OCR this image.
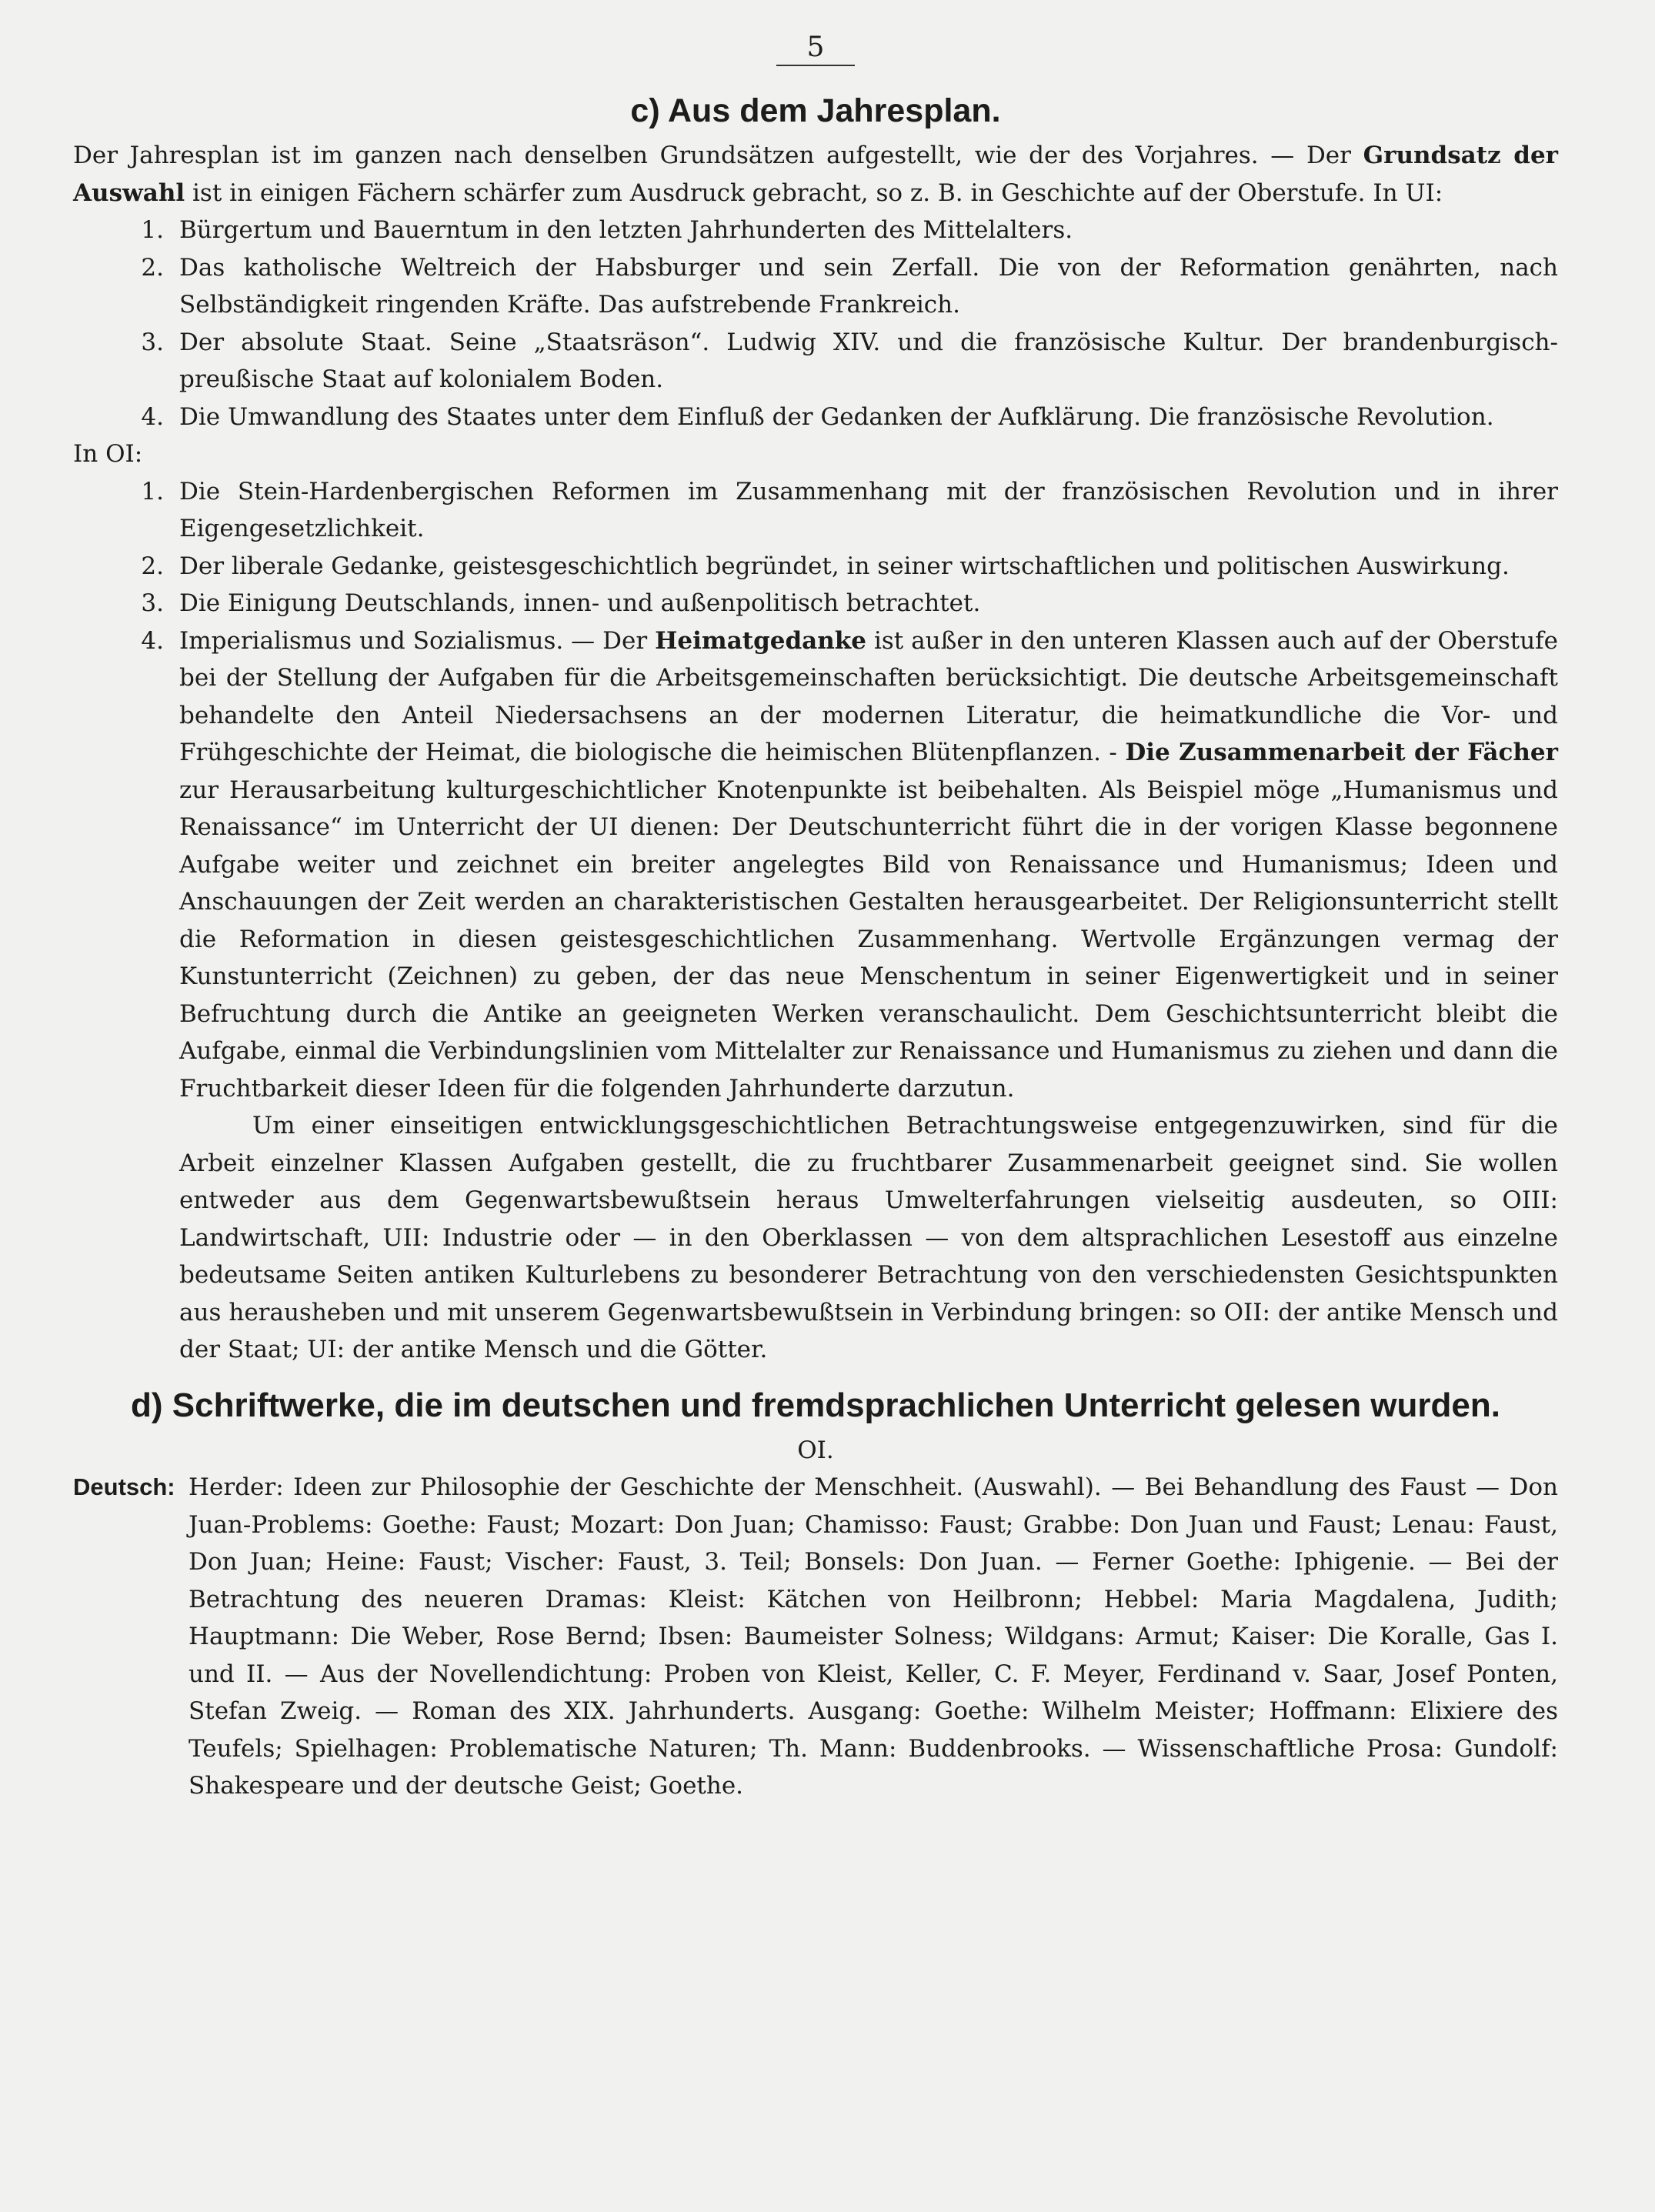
5
c) Aus dem Jahresplan.

Der Jahresplan ist im ganzen nach denselben Grundsätzen aufgestellt, wie der des Vorjahres. — Der Grundsatz der Auswahl ist in einigen Fächern schärfer zum Ausdruck gebracht, so z. B. in Geschichte auf der Oberstufe. In UI:

1. Bürgertum und Bauerntum in den letzten Jahrhunderten des Mittelalters.
2. Das katholische Weltreich der Habsburger und sein Zerfall. Die von der Reformation genährten, nach Selbständigkeit ringenden Kräfte. Das aufstrebende Frankreich.
3. Der absolute Staat. Seine „Staatsräson“. Ludwig XIV. und die französische Kultur. Der brandenburgisch-preußische Staat auf kolonialem Boden.
4. Die Umwandlung des Staates unter dem Einfluß der Gedanken der Aufklärung. Die französische Revolution.

In OI:

1. Die Stein-Hardenbergischen Reformen im Zusammenhang mit der französischen Revolution und in ihrer Eigengesetzlichkeit.
2. Der liberale Gedanke, geistesgeschichtlich begründet, in seiner wirtschaftlichen und politischen Auswirkung.
3. Die Einigung Deutschlands, innen- und außenpolitisch betrachtet.
4. Imperialismus und Sozialismus. — Der Heimatgedanke ist außer in den unteren Klassen auch auf der Oberstufe bei der Stellung der Aufgaben für die Arbeitsgemeinschaften berücksichtigt. Die deutsche Arbeitsgemeinschaft behandelte den Anteil Niedersachsens an der modernen Literatur, die heimatkundliche die Vor- und Frühgeschichte der Heimat, die biologische die heimischen Blütenpflanzen. - Die Zusammenarbeit der Fächer zur Herausarbeitung kulturgeschichtlicher Knotenpunkte ist beibehalten. Als Beispiel möge „Humanismus und Renaissance“ im Unterricht der UI dienen: Der Deutschunterricht führt die in der vorigen Klasse begonnene Aufgabe weiter und zeichnet ein breiter angelegtes Bild von Renaissance und Humanismus; Ideen und Anschauungen der Zeit werden an charakteristischen Gestalten herausgearbeitet. Der Religionsunterricht stellt die Reformation in diesen geistesgeschichtlichen Zusammenhang. Wertvolle Ergänzungen vermag der Kunstunterricht (Zeichnen) zu geben, der das neue Menschentum in seiner Eigenwertigkeit und in seiner Befruchtung durch die Antike an geeigneten Werken veranschaulicht. Dem Geschichtsunterricht bleibt die Aufgabe, einmal die Verbindungslinien vom Mittelalter zur Renaissance und Humanismus zu ziehen und dann die Fruchtbarkeit dieser Ideen für die folgenden Jahrhunderte darzutun.

Um einer einseitigen entwicklungsgeschichtlichen Betrachtungsweise entgegenzuwirken, sind für die Arbeit einzelner Klassen Aufgaben gestellt, die zu fruchtbarer Zusammenarbeit geeignet sind. Sie wollen entweder aus dem Gegenwartsbewußtsein heraus Umwelterfahrungen vielseitig ausdeuten, so OIII: Landwirtschaft, UII: Industrie oder — in den Oberklassen — von dem altsprachlichen Lesestoff aus einzelne bedeutsame Seiten antiken Kulturlebens zu besonderer Betrachtung von den verschiedensten Gesichtspunkten aus herausheben und mit unserem Gegenwartsbewußtsein in Verbindung bringen: so OII: der antike Mensch und der Staat; UI: der antike Mensch und die Götter.

d) Schriftwerke, die im deutschen und fremdsprachlichen Unterricht gelesen wurden.

OI.

Deutsch: Herder: Ideen zur Philosophie der Geschichte der Menschheit. (Auswahl). — Bei Behandlung des Faust — Don Juan-Problems: Goethe: Faust; Mozart: Don Juan; Chamisso: Faust; Grabbe: Don Juan und Faust; Lenau: Faust, Don Juan; Heine: Faust; Vischer: Faust, 3. Teil; Bonsels: Don Juan. — Ferner Goethe: Iphigenie. — Bei der Betrachtung des neueren Dramas: Kleist: Kätchen von Heilbronn; Hebbel: Maria Magdalena, Judith; Hauptmann: Die Weber, Rose Bernd; Ibsen: Baumeister Solness; Wildgans: Armut; Kaiser: Die Koralle, Gas I. und II. — Aus der Novellendichtung: Proben von Kleist, Keller, C. F. Meyer, Ferdinand v. Saar, Josef Ponten, Stefan Zweig. — Roman des XIX. Jahrhunderts. Ausgang: Goethe: Wilhelm Meister; Hoffmann: Elixiere des Teufels; Spielhagen: Problematische Naturen; Th. Mann: Buddenbrooks. — Wissenschaftliche Prosa: Gundolf: Shakespeare und der deutsche Geist; Goethe.
